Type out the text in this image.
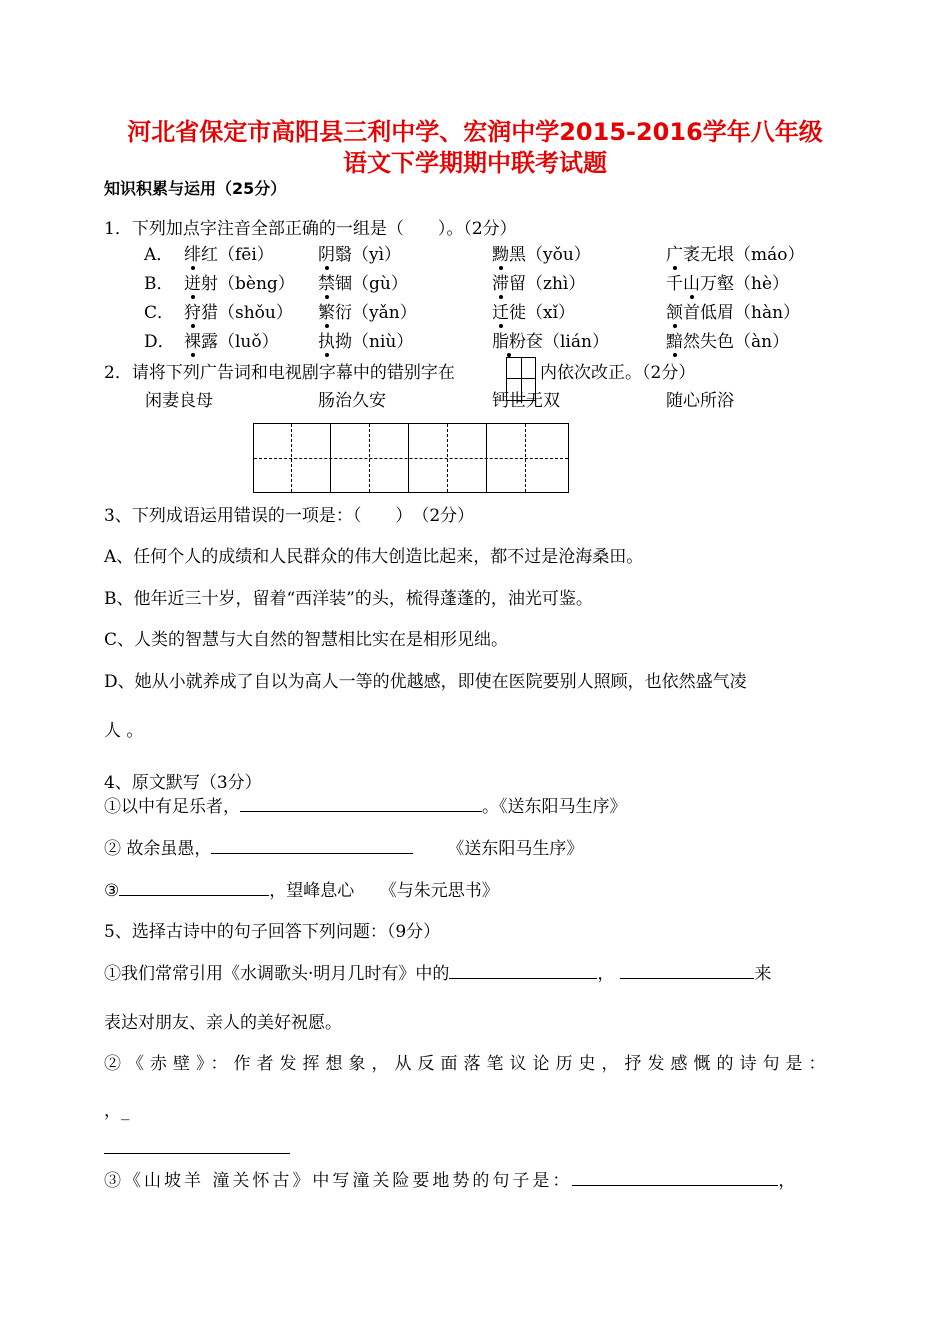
河北省保定市高阳县三利中学、宏润中学2015-2016学年八年级
语文下学期期中联考试题
知识积累与运用（25分）
1．下列加点字注音全部正确的一组是（　　）。（2分）
A． 绯红（fēi）	阴翳（yì）	黝黑（yǒu）	广袤无垠（máo）
B． 迸射（bèng） 禁锢（gù）	滞留（zhì）	千山万壑（hè）
C． 狩猎（shǒu） 繁衍（yǎn）	迁徙（xǐ）	颔首低眉（hàn）
D． 裸露（luǒ） 执拗（niù）	脂粉奁（lián）	黯然失色（àn）
2．请将下列广告词和电视剧字幕中的错别字在	内依次改正。（2分）
闲妻良母	肠治久安	钙世无双	随心所浴
3、下列成语运用错误的一项是：（　　）　（2分）
A、任何个人的成绩和人民群众的伟大创造比起来，都不过是沧海桑田。
B、他年近三十岁，留着“西洋装”的头，梳得蓬蓬的，油光可鉴。
C、人类的智慧与大自然的智慧相比实在是相形见绌。
D、她从小就养成了自以为高人一等的优越感，即使在医院要别人照顾，也依然盛气凌
人 。
4、原文默写（3分）
①以中有足乐者，	。《送东阳马生序》
② 故余虽愚，	《送东阳马生序》
③	，望峰息心　　《与朱元思书》
5、选择古诗中的句子回答下列问题：（9分）
①我们常常引用《水调歌头·明月几时有》中的	，	来
表达对朋友、亲人的美好祝愿。
②《赤壁》：作者发挥想象，从反面落笔议论历史，抒发感慨的诗句是：
，_
③《山坡羊 潼关怀古》中写潼关险要地势的句子是：	，
